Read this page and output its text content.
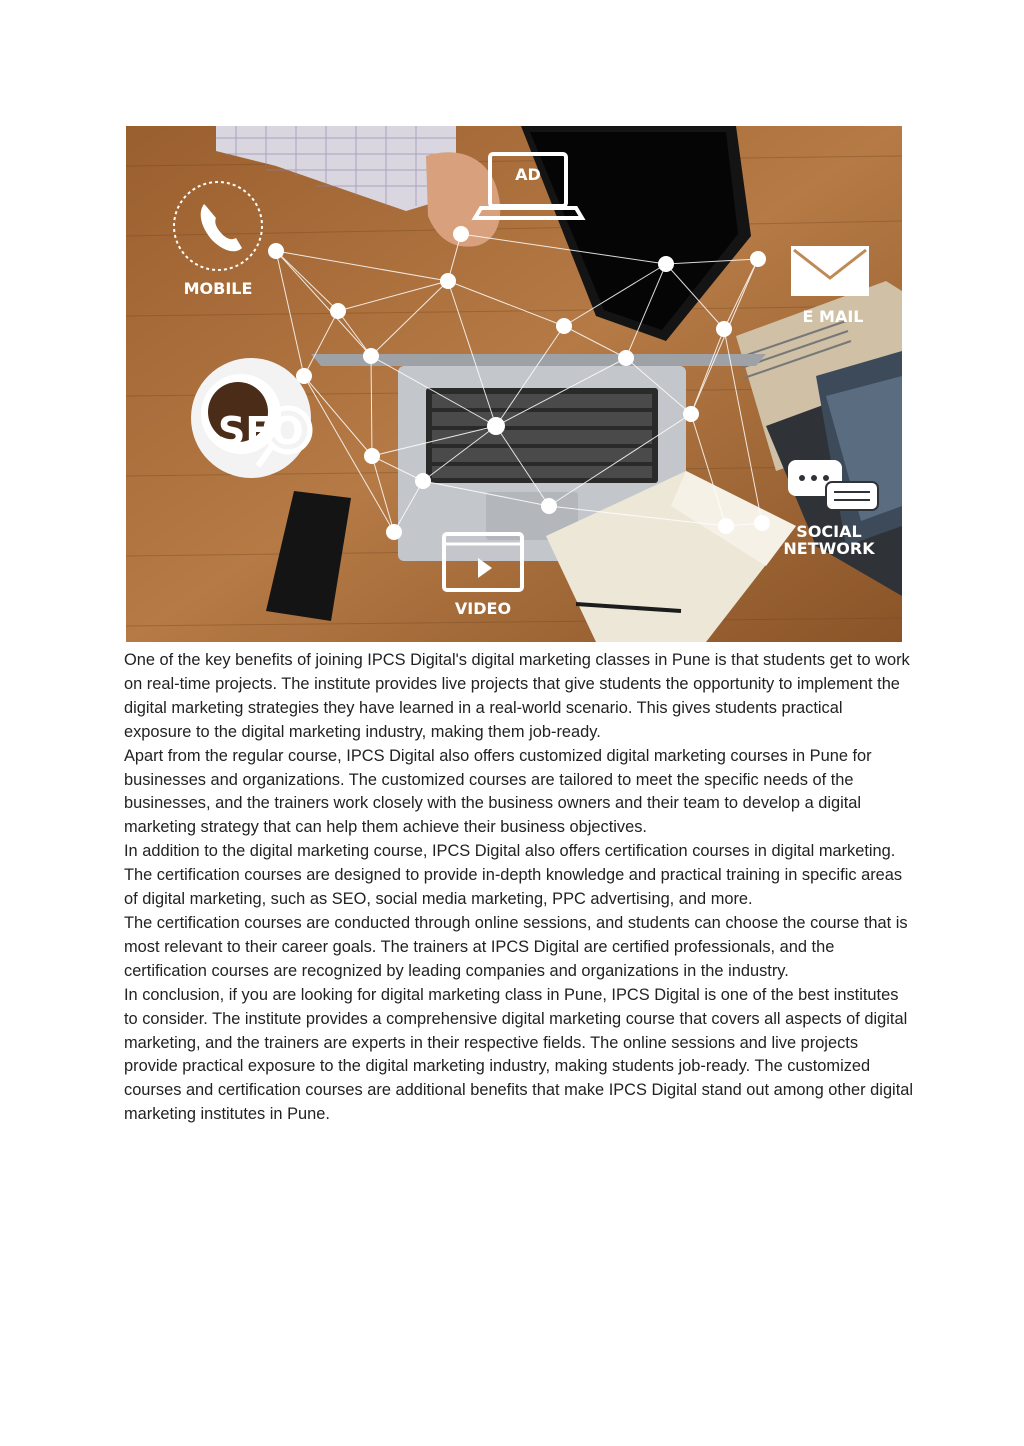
AD
MOBILE
E MAIL
SEO
SOCIAL
NETWORK
VIDEO

One of the key benefits of joining IPCS Digital's digital marketing classes in Pune is that students get to work on real-time projects. The institute provides live projects that give students the opportunity to implement the digital marketing strategies they have learned in a real-world scenario. This gives students practical exposure to the digital marketing industry, making them job-ready.

Apart from the regular course, IPCS Digital also offers customized digital marketing courses in Pune for businesses and organizations. The customized courses are tailored to meet the specific needs of the businesses, and the trainers work closely with the business owners and their team to develop a digital marketing strategy that can help them achieve their business objectives.

In addition to the digital marketing course, IPCS Digital also offers certification courses in digital marketing. The certification courses are designed to provide in-depth knowledge and practical training in specific areas of digital marketing, such as SEO, social media marketing, PPC advertising, and more.

The certification courses are conducted through online sessions, and students can choose the course that is most relevant to their career goals. The trainers at IPCS Digital are certified professionals, and the certification courses are recognized by leading companies and organizations in the industry.

In conclusion, if you are looking for digital marketing class in Pune, IPCS Digital is one of the best institutes to consider. The institute provides a comprehensive digital marketing course that covers all aspects of digital marketing, and the trainers are experts in their respective fields. The online sessions and live projects provide practical exposure to the digital marketing industry, making students job-ready. The customized courses and certification courses are additional benefits that make IPCS Digital stand out among other digital marketing institutes in Pune.
